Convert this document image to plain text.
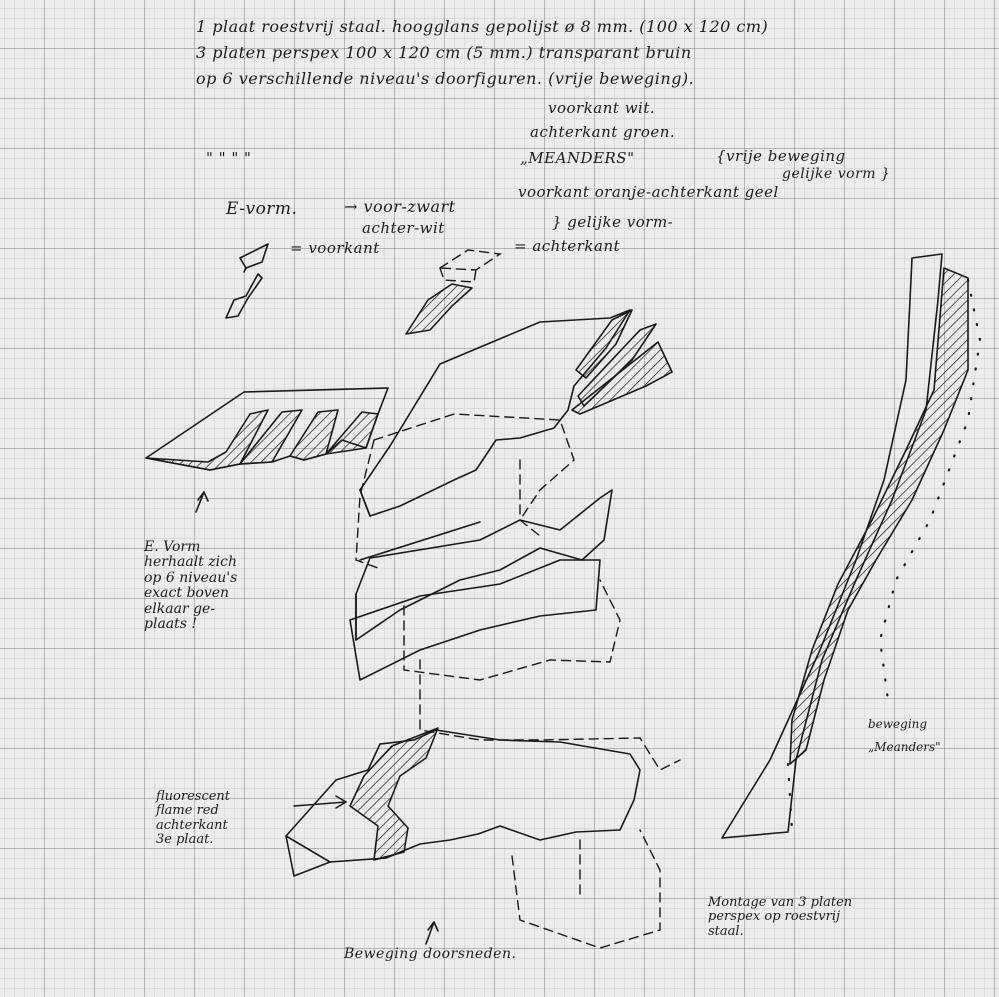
1 plaat roestvrij staal. hoogglans gepolijst ø 8 mm. (100 x 120 cm)
3 platen perspex 100 x 120 cm (5 mm.) transparant bruin
op 6 verschillende niveau's doorfiguren. (vrije beweging).
voorkant wit.
achterkant groen.
" " " "	„MEANDERS"	{vrije beweging
gelijke vorm }
voorkant oranje-achterkant geel
E-vorm.	→ voor-zwart
achter-wit	} gelijke vorm-
= voorkant	= achterkant
E. Vorm
herhaalt zich
op 6 niveau's
exact boven
elkaar ge-
plaats !
fluorescent
flame red
achterkant
3e plaat.
beweging
„Meanders"
Beweging doorsneden.
Montage van 3 platen
perspex op roestvrij
staal.
